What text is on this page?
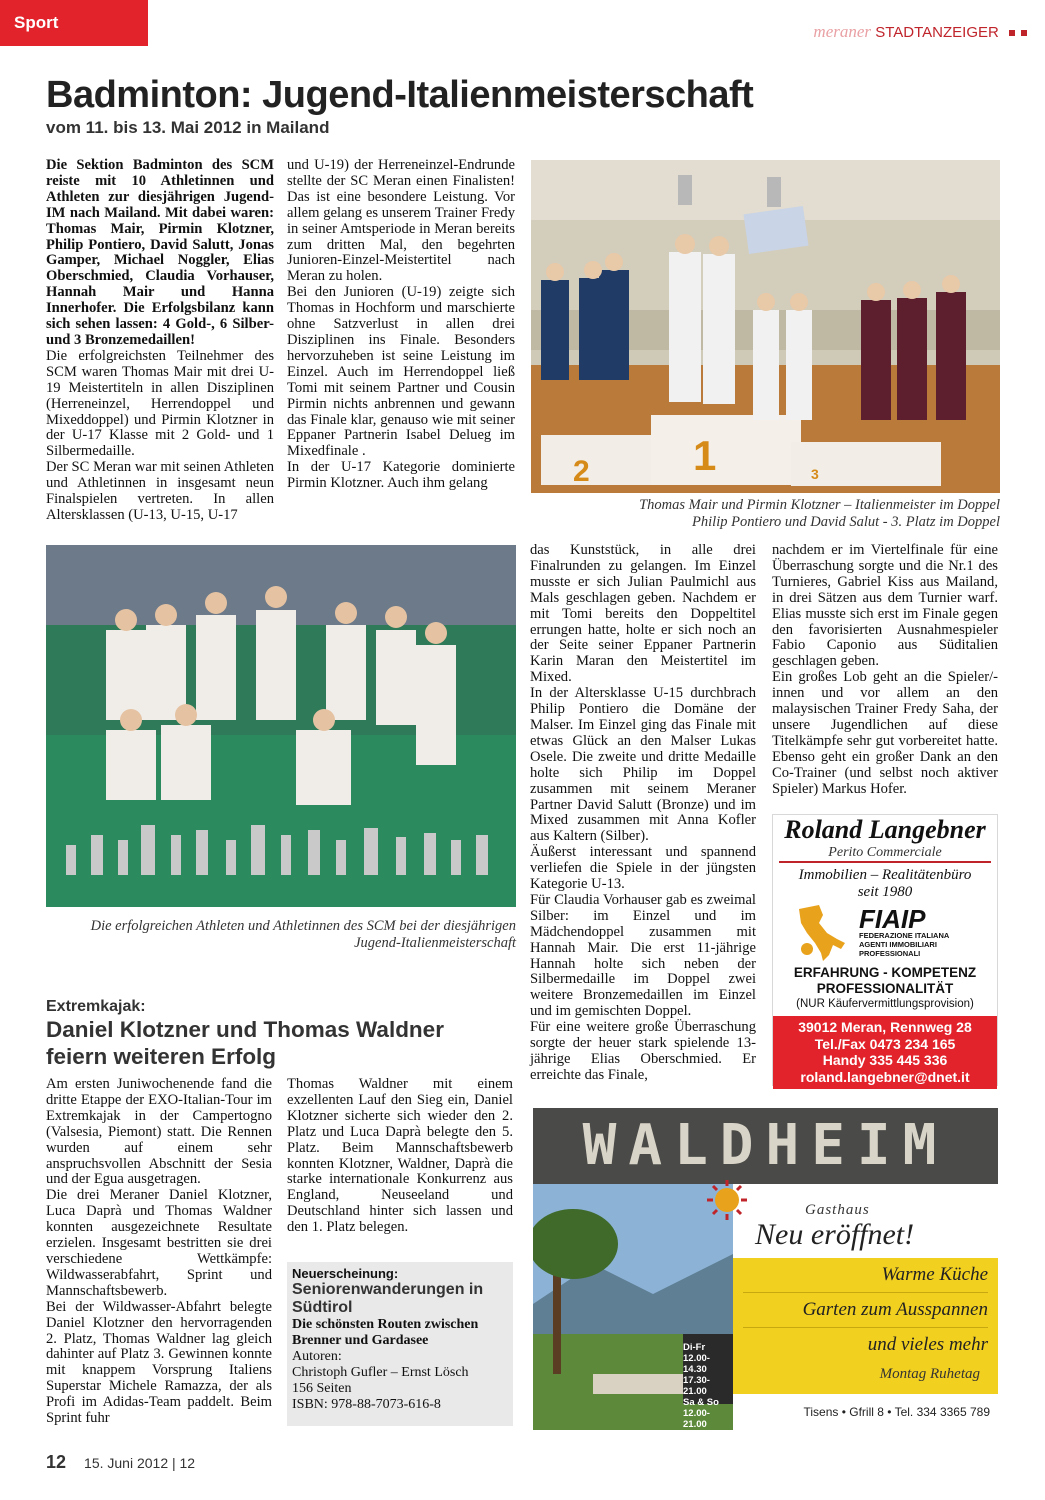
Sport	meraner STADTANZEIGER
Badminton: Jugend-Italienmeisterschaft
vom 11. bis 13. Mai 2012 in Mailand

Die Sektion Badminton des SCM reiste mit 10 Athletinnen und Athleten zur diesjährigen Jugend-IM nach Mailand. Mit dabei waren: Thomas Mair, Pirmin Klotzner, Philip Pontiero, David Salutt, Jonas Gamper, Michael Noggler, Elias Oberschmied, Claudia Vorhauser, Hannah Mair und Hanna Innerhofer. Die Erfolgsbilanz kann sich sehen lassen: 4 Gold-, 6 Silber- und 3 Bronzemedaillen!

Die erfolgreichsten Teilnehmer des SCM waren Thomas Mair mit drei U-19 Meistertiteln in allen Disziplinen (Herreneinzel, Herrendoppel und Mixeddoppel) und Pirmin Klotzner in der U-17 Klasse mit 2 Gold- und 1 Silbermedaille.

Der SC Meran war mit seinen Athleten und Athletinnen in insgesamt neun Finalspielen vertreten. In allen Altersklassen (U-13, U-15, U-17

und U-19) der Herreneinzel-Endrunde stellte der SC Meran einen Finalisten! Das ist eine besondere Leistung. Vor allem gelang es unserem Trainer Fredy in seiner Amtsperiode in Meran bereits zum dritten Mal, den begehrten Junioren-Einzel-Meistertitel nach Meran zu holen.

Bei den Junioren (U-19) zeigte sich Thomas in Hochform und marschierte ohne Satzverlust in allen drei Disziplinen ins Finale. Besonders hervorzuheben ist seine Leistung im Einzel. Auch im Herrendoppel ließ Tomi mit seinem Partner und Cousin Pirmin nichts anbrennen und gewann das Finale klar, genauso wie mit seiner Eppaner Partnerin Isabel Delueg im Mixedfinale .

In der U-17 Kategorie dominierte Pirmin Klotzner. Auch ihm gelang	2 1	3
Thomas Mair und Pirmin Klotzner – Italienmeister im Doppel
Philip Pontiero und David Salut - 3. Platz im Doppel
Die erfolgreichen Athleten und Athletinnen des SCM bei der diesjährigen
Jugend-Italienmeisterschaft

das Kunststück, in alle drei Finalrunden zu gelangen. Im Einzel musste er sich Julian Paulmichl aus Mals geschlagen geben. Nachdem er mit Tomi bereits den Doppeltitel errungen hatte, holte er sich noch an der Seite seiner Eppaner Partnerin Karin Maran den Meistertitel im Mixed.

In der Altersklasse U-15 durchbrach Philip Pontiero die Domäne der Malser. Im Einzel ging das Finale mit etwas Glück an den Malser Lukas Osele. Die zweite und dritte Medaille holte sich Philip im Doppel zusammen mit seinem Meraner Partner David Salutt (Bronze) und im Mixed zusammen mit Anna Kofler aus Kaltern (Silber).

Äußerst interessant und spannend verliefen die Spiele in der jüngsten Kategorie U-13.

Für Claudia Vorhauser gab es zweimal Silber: im Einzel und im Mädchendoppel zusammen mit Hannah Mair. Die erst 11-jährige Hannah holte sich neben der Silbermedaille im Doppel zwei weitere Bronzemedaillen im Einzel und im gemischten Doppel.

Für eine weitere große Überraschung sorgte der heuer stark spielende 13-jährige Elias Oberschmied. Er erreichte das Finale,

nachdem er im Viertelfinale für eine Überraschung sorgte und die Nr.1 des Turnieres, Gabriel Kiss aus Mailand, in drei Sätzen aus dem Turnier warf. Elias musste sich erst im Finale gegen den favorisierten Ausnahmespieler Fabio Caponio aus Süditalien geschlagen geben.

Ein großes Lob geht an die Spieler/-innen und vor allem an den malaysischen Trainer Fredy Saha, der unsere Jugendlichen auf diese Titelkämpfe sehr gut vorbereitet hatte. Ebenso geht ein großer Dank an den Co-Trainer (und selbst noch aktiver Spieler) Markus Hofer.

Roland Langebner
Perito Commerciale
Immobilien – Realitätenbüro
seit 1980
FIAIP
FEDERAZIONE ITALIANA AGENTI IMMOBILIARI PROFESSIONALI
ERFAHRUNG - KOMPETENZ
PROFESSIONALITÄT
(NUR Käufervermittlungsprovision)
39012 Meran, Rennweg 28
Tel./Fax 0473 234 165
Handy 335 445 336
roland.langebner@dnet.it
Extremkajak:
Daniel Klotzner und Thomas Waldner
feiern weiteren Erfolg

Am ersten Juniwochenende fand die dritte Etappe der EXO-Italian-Tour im Extremkajak in der Campertogno (Valsesia, Piemont) statt. Die Rennen wurden auf einem sehr anspruchsvollen Abschnitt der Sesia und der Egua ausgetragen.

Die drei Meraner Daniel Klotzner, Luca Daprà und Thomas Waldner konnten ausgezeichnete Resultate erzielen. Insgesamt bestritten sie drei verschiedene Wettkämpfe: Wildwasserabfahrt, Sprint und Mannschaftsbewerb.

Bei der Wildwasser-Abfahrt belegte Daniel Klotzner den hervorragenden 2. Platz, Thomas Waldner lag gleich dahinter auf Platz 3. Gewinnen konnte mit knappem Vorsprung Italiens Superstar Michele Ramazza, der als Profi im Adidas-Team paddelt. Beim Sprint fuhr

Thomas Waldner mit einem exzellenten Lauf den Sieg ein, Daniel Klotzner sicherte sich wieder den 2. Platz und Luca Daprà belegte den 5. Platz. Beim Mannschaftsbewerb konnten Klotzner, Waldner, Daprà die starke internationale Konkurrenz aus England, Neuseeland und Deutschland hinter sich lassen und den 1. Platz belegen.

Neuerscheinung:
Seniorenwanderungen in Südtirol
Die schönsten Routen zwischen Brenner und Gardasee
Autoren:
Christoph Gufler – Ernst Lösch
156 Seiten
ISBN: 978-88-7073-616-8
WALDHEIM
Di-Fr
12.00-14.30
17.30-21.00
Sa & So
12.00-21.00
Gasthaus
Neu eröffnet!
Warme Küche
Garten zum Ausspannen
und vieles mehr
Montag Ruhetag
Tisens • Gfrill 8 • Tel. 334 3365 789
12 15. Juni 2012 | 12
